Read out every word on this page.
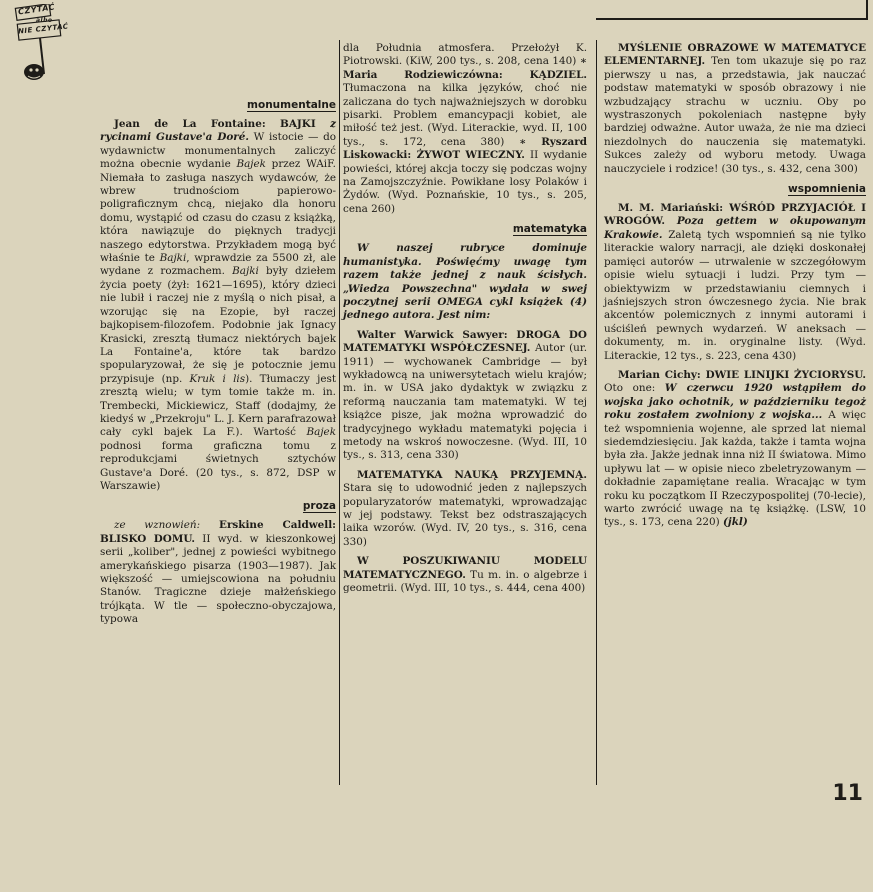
CZYTAĆ
albo
NIE CZYTAĆ
monumentalne

Jean de La Fontaine: BAJKI z rycinami Gustave'a Doré. W istocie — do wydawnictw monumentalnych zaliczyć można obecnie wydanie Bajek przez WAiF. Niemała to zasługa naszych wydawców, że wbrew trudnościom papierowo-poligraficznym chcą, niejako dla honoru domu, wystąpić od czasu do czasu z książką, która nawiązuje do pięknych tradycji naszego edytorstwa. Przykładem mogą być właśnie te Bajki, wprawdzie za 5500 zł, ale wydane z rozmachem. Bajki były dziełem życia poety (żył: 1621—1695), który dzieci nie lubił i raczej nie z myślą o nich pisał, a wzorując się na Ezopie, był raczej bajkopisem-filozofem. Podobnie jak Ignacy Krasicki, zresztą tłumacz niektórych bajek La Fontaine'a, które tak bardzo spopularyzował, że się je potocznie jemu przypisuje (np. Kruk i lis). Tłumaczy jest zresztą wielu; w tym tomie także m. in. Trembecki, Mickiewicz, Staff (dodajmy, że kiedyś w „Przekroju" L. J. Kern parafrazował cały cykl bajek La F.). Wartość Bajek podnosi forma graficzna tomu z reprodukcjami świetnych sztychów Gustave'a Doré. (20 tys., s. 872, DSP w Warszawie)

proza

ze wznowień: Erskine Caldwell: BLISKO DOMU. II wyd. w kieszonkowej serii „koliber", jednej z powieści wybitnego amerykańskiego pisarza (1903—1987). Jak większość — umiejscowiona na południu Stanów. Tragiczne dzieje małżeńskiego trójkąta. W tle — społeczno-obyczajowa, typowa

dla Południa atmosfera. Przełożył K. Piotrowski. (KiW, 200 tys., s. 208, cena 140) ∗ Maria Rodziewiczówna: KĄDZIEL. Tłumaczona na kilka języków, choć nie zaliczana do tych najważniejszych w dorobku pisarki. Problem emancypacji kobiet, ale miłość też jest. (Wyd. Literackie, wyd. II, 100 tys., s. 172, cena 380) ∗ Ryszard Liskowacki: ŻYWOT WIECZNY. II wydanie powieści, której akcja toczy się podczas wojny na Zamojszczyźnie. Powikłane losy Polaków i Żydów. (Wyd. Poznańskie, 10 tys., s. 205, cena 260)

matematyka

W naszej rubryce dominuje humanistyka. Poświęćmy uwagę tym razem także jednej z nauk ścisłych. „Wiedza Powszechna" wydała w swej poczytnej serii OMEGA cykl książek (4) jednego autora. Jest nim:

Walter Warwick Sawyer: DROGA DO MATEMATYKI WSPÓŁCZESNEJ. Autor (ur. 1911) — wychowanek Cambridge — był wykładowcą na uniwersytetach wielu krajów; m. in. w USA jako dydaktyk w związku z reformą nauczania tam matematyki. W tej książce pisze, jak można wprowadzić do tradycyjnego wykładu matematyki pojęcia i metody na wskroś nowoczesne. (Wyd. III, 10 tys., s. 313, cena 330)

MATEMATYKA NAUKĄ PRZYJEMNĄ. Stara się to udowodnić jeden z najlepszych popularyzatorów matematyki, wprowadzając w jej podstawy. Tekst bez odstraszających laika wzorów. (Wyd. IV, 20 tys., s. 316, cena 330)

W POSZUKIWANIU MODELU MATEMATYCZNEGO. Tu m. in. o algebrze i geometrii. (Wyd. III, 10 tys., s. 444, cena 400)

MYŚLENIE OBRAZOWE W MATEMATYCE ELEMENTARNEJ. Ten tom ukazuje się po raz pierwszy u nas, a przedstawia, jak nauczać podstaw matematyki w sposób obrazowy i nie wzbudzający strachu w uczniu. Oby po wystraszonych pokoleniach następne były bardziej odważne. Autor uważa, że nie ma dzieci niezdolnych do nauczenia się matematyki. Sukces zależy od wyboru metody. Uwaga nauczyciele i rodzice! (30 tys., s. 432, cena 300)

wspomnienia

M. M. Mariański: WŚRÓD PRZYJACIÓŁ I WROGÓW. Poza gettem w okupowanym Krakowie. Zaletą tych wspomnień są nie tylko literackie walory narracji, ale dzięki doskonałej pamięci autorów — utrwalenie w szczegółowym opisie wielu sytuacji i ludzi. Przy tym — obiektywizm w przedstawianiu ciemnych i jaśniejszych stron ówczesnego życia. Nie brak akcentów polemicznych z innymi autorami i uściśleń pewnych wydarzeń. W aneksach — dokumenty, m. in. oryginalne listy. (Wyd. Literackie, 12 tys., s. 223, cena 430)

Marian Cichy: DWIE LINIJKI ŻYCIORYSU. Oto one: W czerwcu 1920 wstąpiłem do wojska jako ochotnik, w październiku tegoż roku zostałem zwolniony z wojska... A więc też wspomnienia wojenne, ale sprzed lat niemal siedemdziesięciu. Jak każda, także i tamta wojna była zła. Jakże jednak inna niż II światowa. Mimo upływu lat — w opisie nieco zbeletryzowanym — dokładnie zapamiętane realia. Wracając w tym roku ku początkom II Rzeczypospolitej (70-lecie), warto zwrócić uwagę na tę książkę. (LSW, 10 tys., s. 173, cena 220) (jkl)

11
